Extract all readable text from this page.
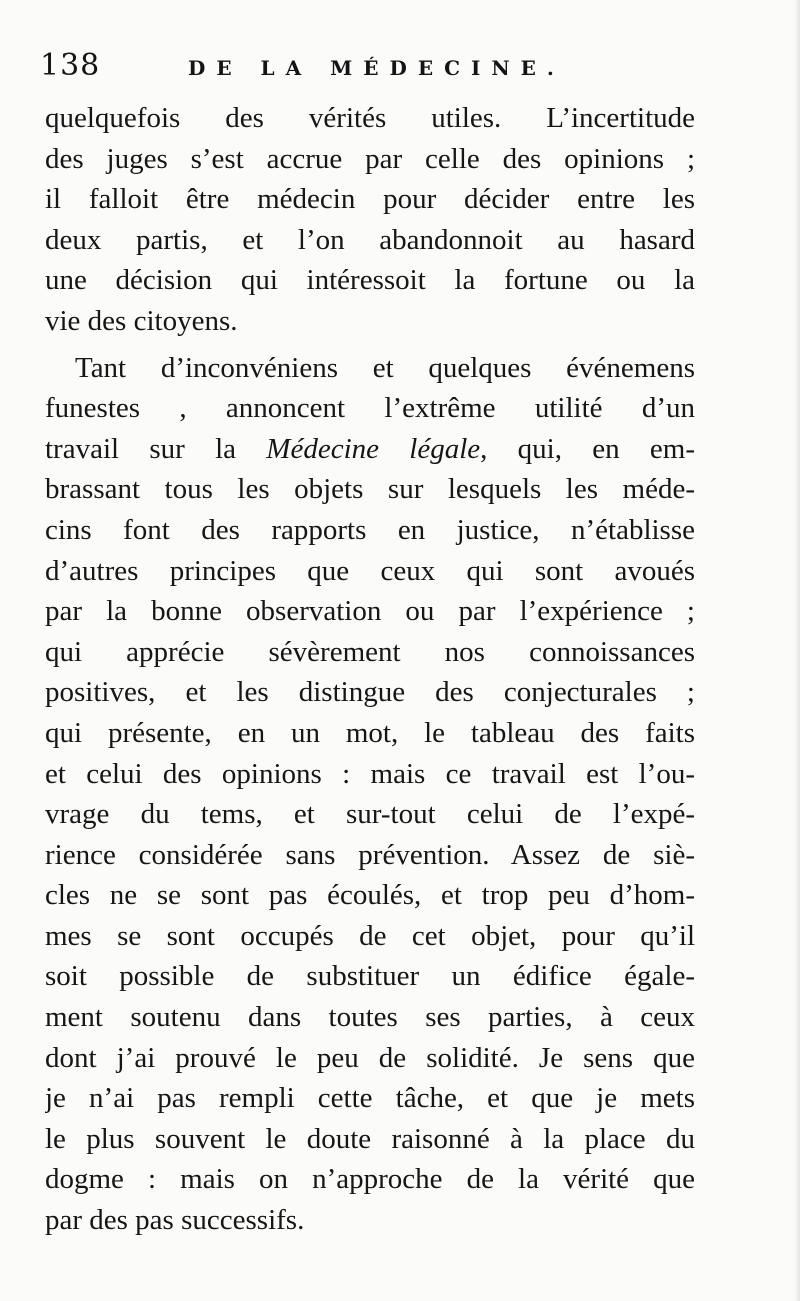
138	DE LA MÉDECINE.
quelquefois des vérités utiles. L’incertitude
des juges s’est accrue par celle des opinions ;
il falloit être médecin pour décider entre les
deux partis, et l’on abandonnoit au hasard
une décision qui intéressoit la fortune ou la
vie des citoyens.
Tant d’inconvéniens et quelques événemens
funestes , annoncent l’extrême utilité d’un
travail sur la Médecine légale, qui, en em-
brassant tous les objets sur lesquels les méde-
cins font des rapports en justice, n’établisse
d’autres principes que ceux qui sont avoués
par la bonne observation ou par l’expérience ;
qui apprécie sévèrement nos connoissances
positives, et les distingue des conjecturales ;
qui présente, en un mot, le tableau des faits
et celui des opinions : mais ce travail est l’ou-
vrage du tems, et sur-tout celui de l’expé-
rience considérée sans prévention. Assez de siè-
cles ne se sont pas écoulés, et trop peu d’hom-
mes se sont occupés de cet objet, pour qu’il
soit possible de substituer un édifice égale-
ment soutenu dans toutes ses parties, à ceux
dont j’ai prouvé le peu de solidité. Je sens que
je n’ai pas rempli cette tâche, et que je mets
le plus souvent le doute raisonné à la place du
dogme : mais on n’approche de la vérité que
par des pas successifs.
